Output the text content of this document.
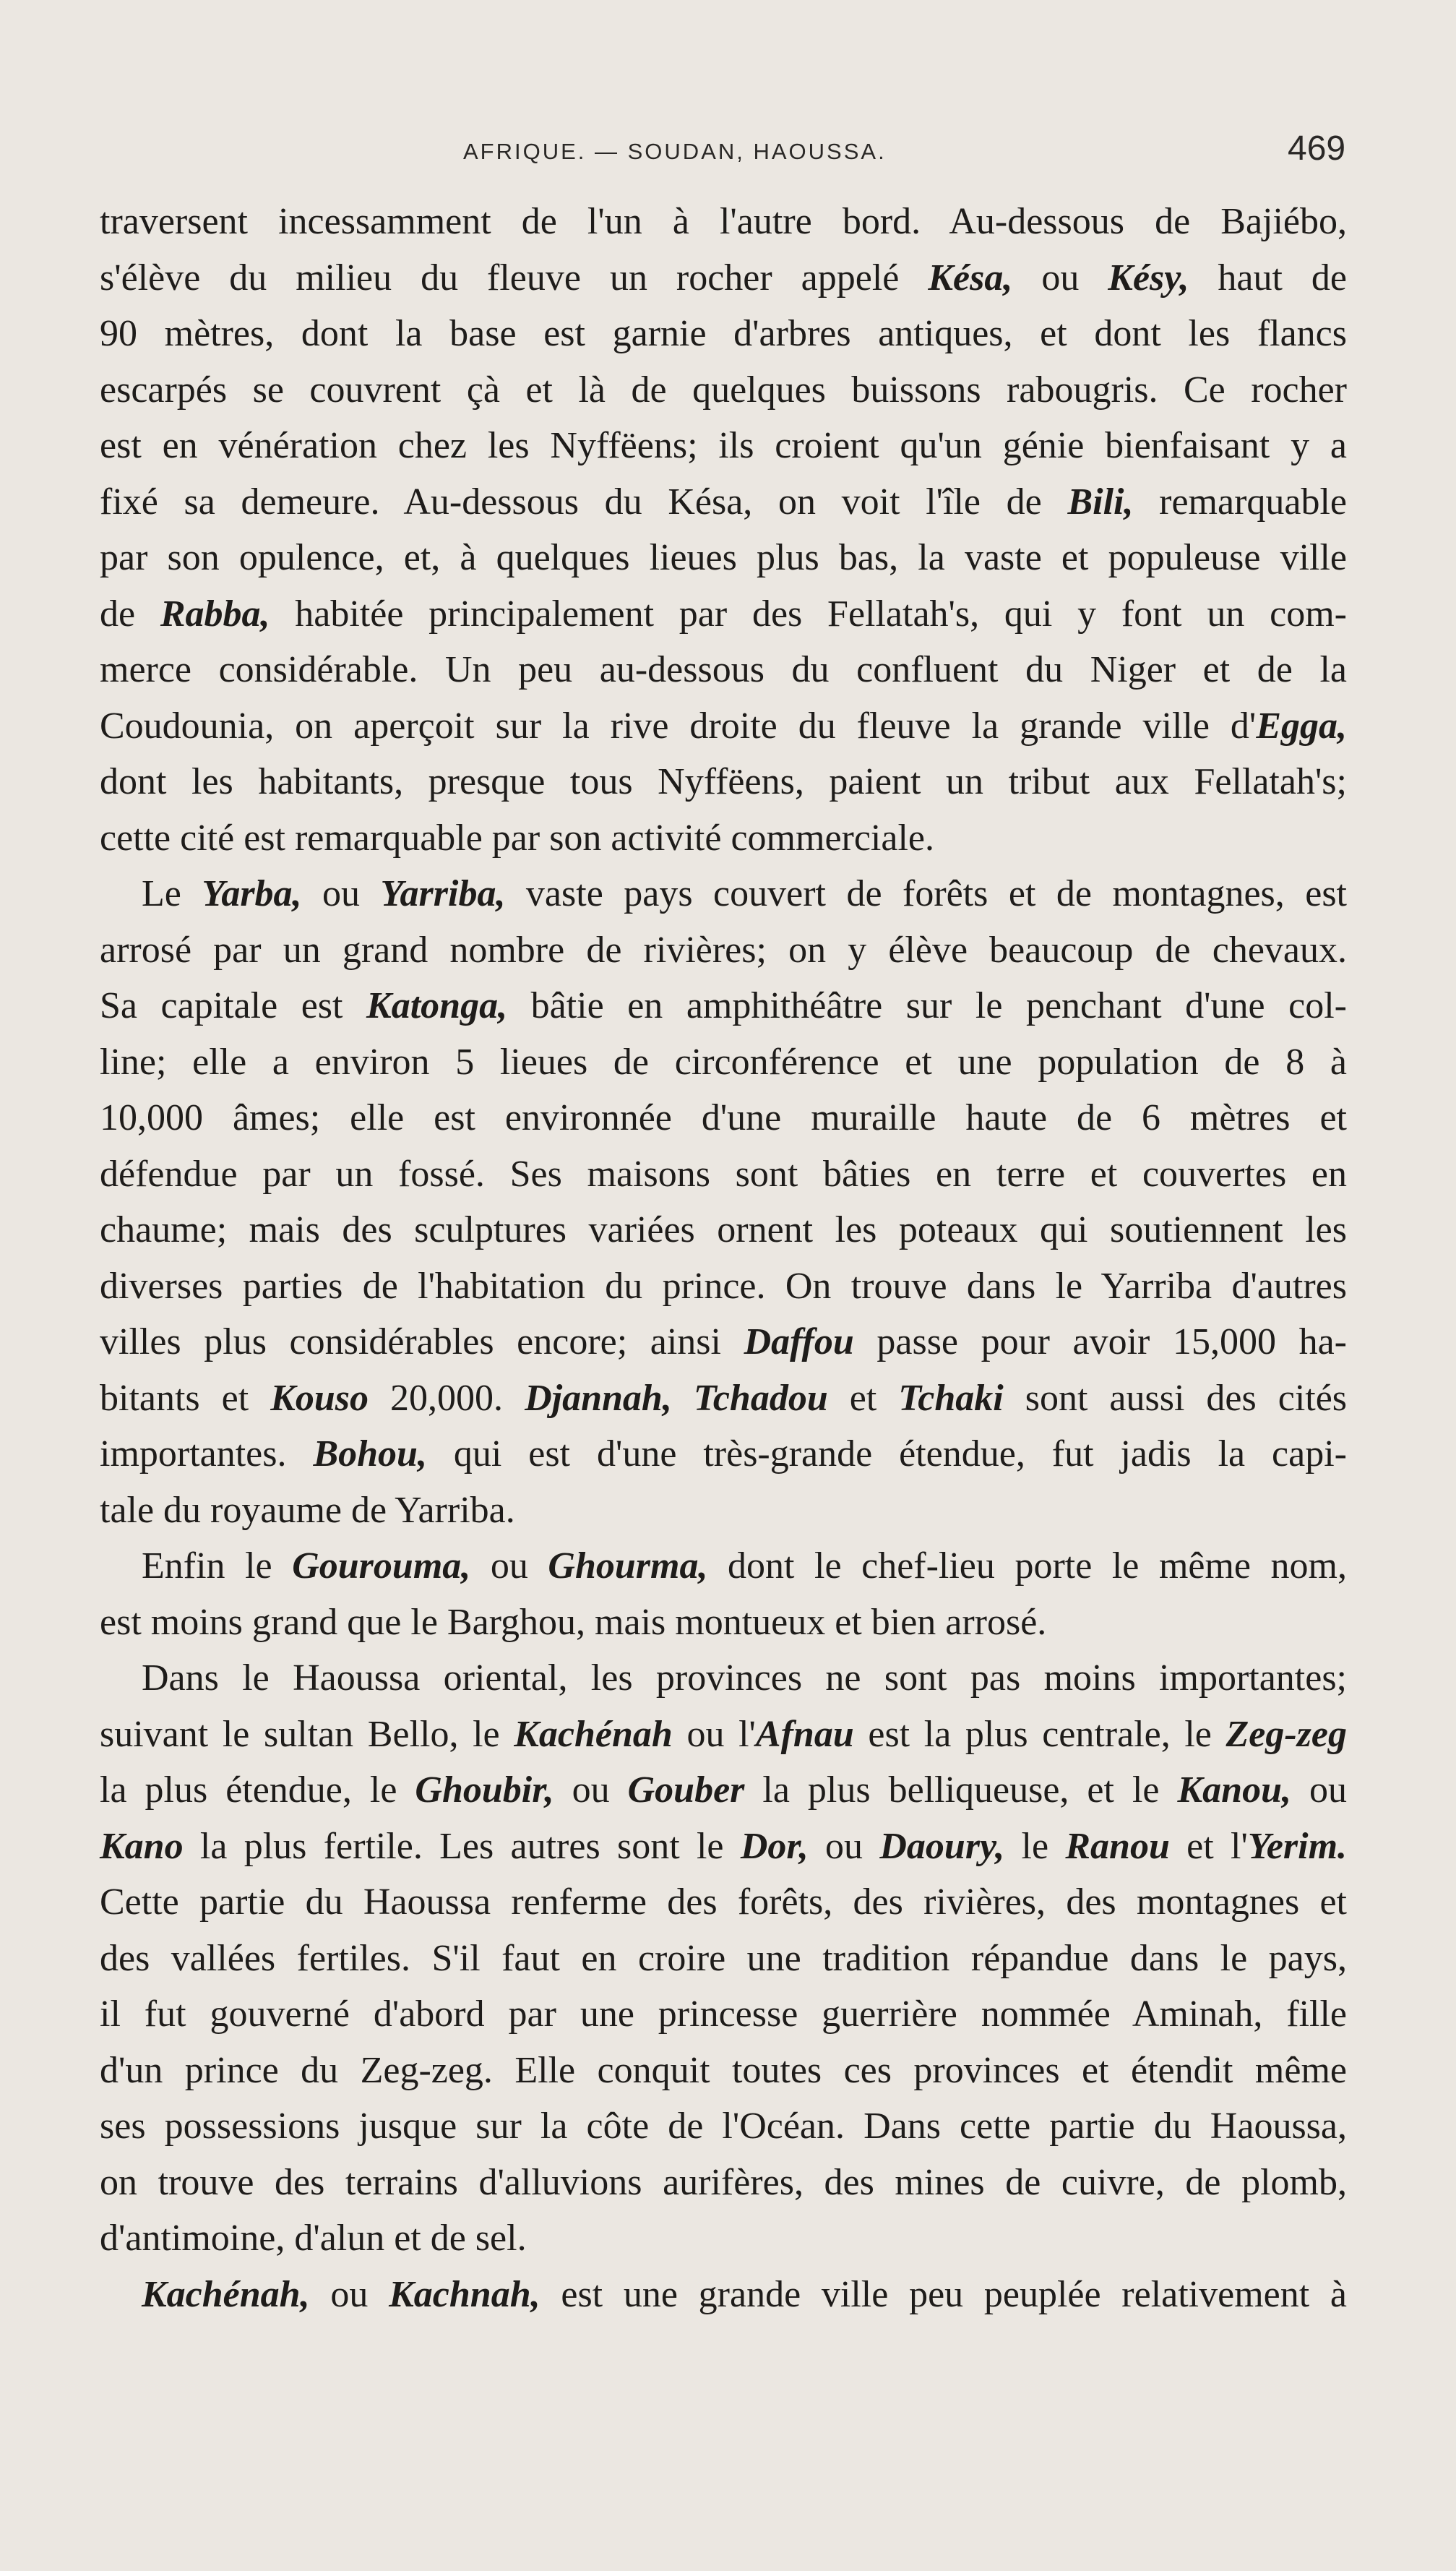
AFRIQUE. — SOUDAN, HAOUSSA.	469
traversent incessamment de l'un à l'autre bord. Au-dessous de Bajiébo,
s'élève du milieu du fleuve un rocher appelé Késa, ou Késy, haut de
90 mètres, dont la base est garnie d'arbres antiques, et dont les flancs
escarpés se couvrent çà et là de quelques buissons rabougris. Ce rocher
est en vénération chez les Nyffëens; ils croient qu'un génie bienfaisant y a
fixé sa demeure. Au-dessous du Késa, on voit l'île de Bili, remarquable
par son opulence, et, à quelques lieues plus bas, la vaste et populeuse ville
de Rabba, habitée principalement par des Fellatah's, qui y font un com-
merce considérable. Un peu au-dessous du confluent du Niger et de la
Coudounia, on aperçoit sur la rive droite du fleuve la grande ville d'Egga,
dont les habitants, presque tous Nyffëens, paient un tribut aux Fellatah's;
cette cité est remarquable par son activité commerciale.
Le Yarba, ou Yarriba, vaste pays couvert de forêts et de montagnes, est
arrosé par un grand nombre de rivières; on y élève beaucoup de chevaux.
Sa capitale est Katonga, bâtie en amphithéâtre sur le penchant d'une col-
line; elle a environ 5 lieues de circonférence et une population de 8 à
10,000 âmes; elle est environnée d'une muraille haute de 6 mètres et
défendue par un fossé. Ses maisons sont bâties en terre et couvertes en
chaume; mais des sculptures variées ornent les poteaux qui soutiennent les
diverses parties de l'habitation du prince. On trouve dans le Yarriba d'autres
villes plus considérables encore; ainsi Daffou passe pour avoir 15,000 ha-
bitants et Kouso 20,000. Djannah, Tchadou et Tchaki sont aussi des cités
importantes. Bohou, qui est d'une très-grande étendue, fut jadis la capi-
tale du royaume de Yarriba.
Enfin le Gouroumа, ou Ghourma, dont le chef-lieu porte le même nom,
est moins grand que le Barghou, mais montueux et bien arrosé.
Dans le Haoussa oriental, les provinces ne sont pas moins importantes;
suivant le sultan Bello, le Kachénah ou l'Afnau est la plus centrale, le Zeg-zeg
la plus étendue, le Ghoubir, ou Gouber la plus belliqueuse, et le Kanou, ou
Kano la plus fertile. Les autres sont le Dor, ou Daoury, le Ranou et l'Yerim.
Cette partie du Haoussa renferme des forêts, des rivières, des montagnes et
des vallées fertiles. S'il faut en croire une tradition répandue dans le pays,
il fut gouverné d'abord par une princesse guerrière nommée Aminah, fille
d'un prince du Zeg-zeg. Elle conquit toutes ces provinces et étendit même
ses possessions jusque sur la côte de l'Océan. Dans cette partie du Haoussa,
on trouve des terrains d'alluvions aurifères, des mines de cuivre, de plomb,
d'antimoine, d'alun et de sel.
Kachénah, ou Kachnah, est une grande ville peu peuplée relativement à
